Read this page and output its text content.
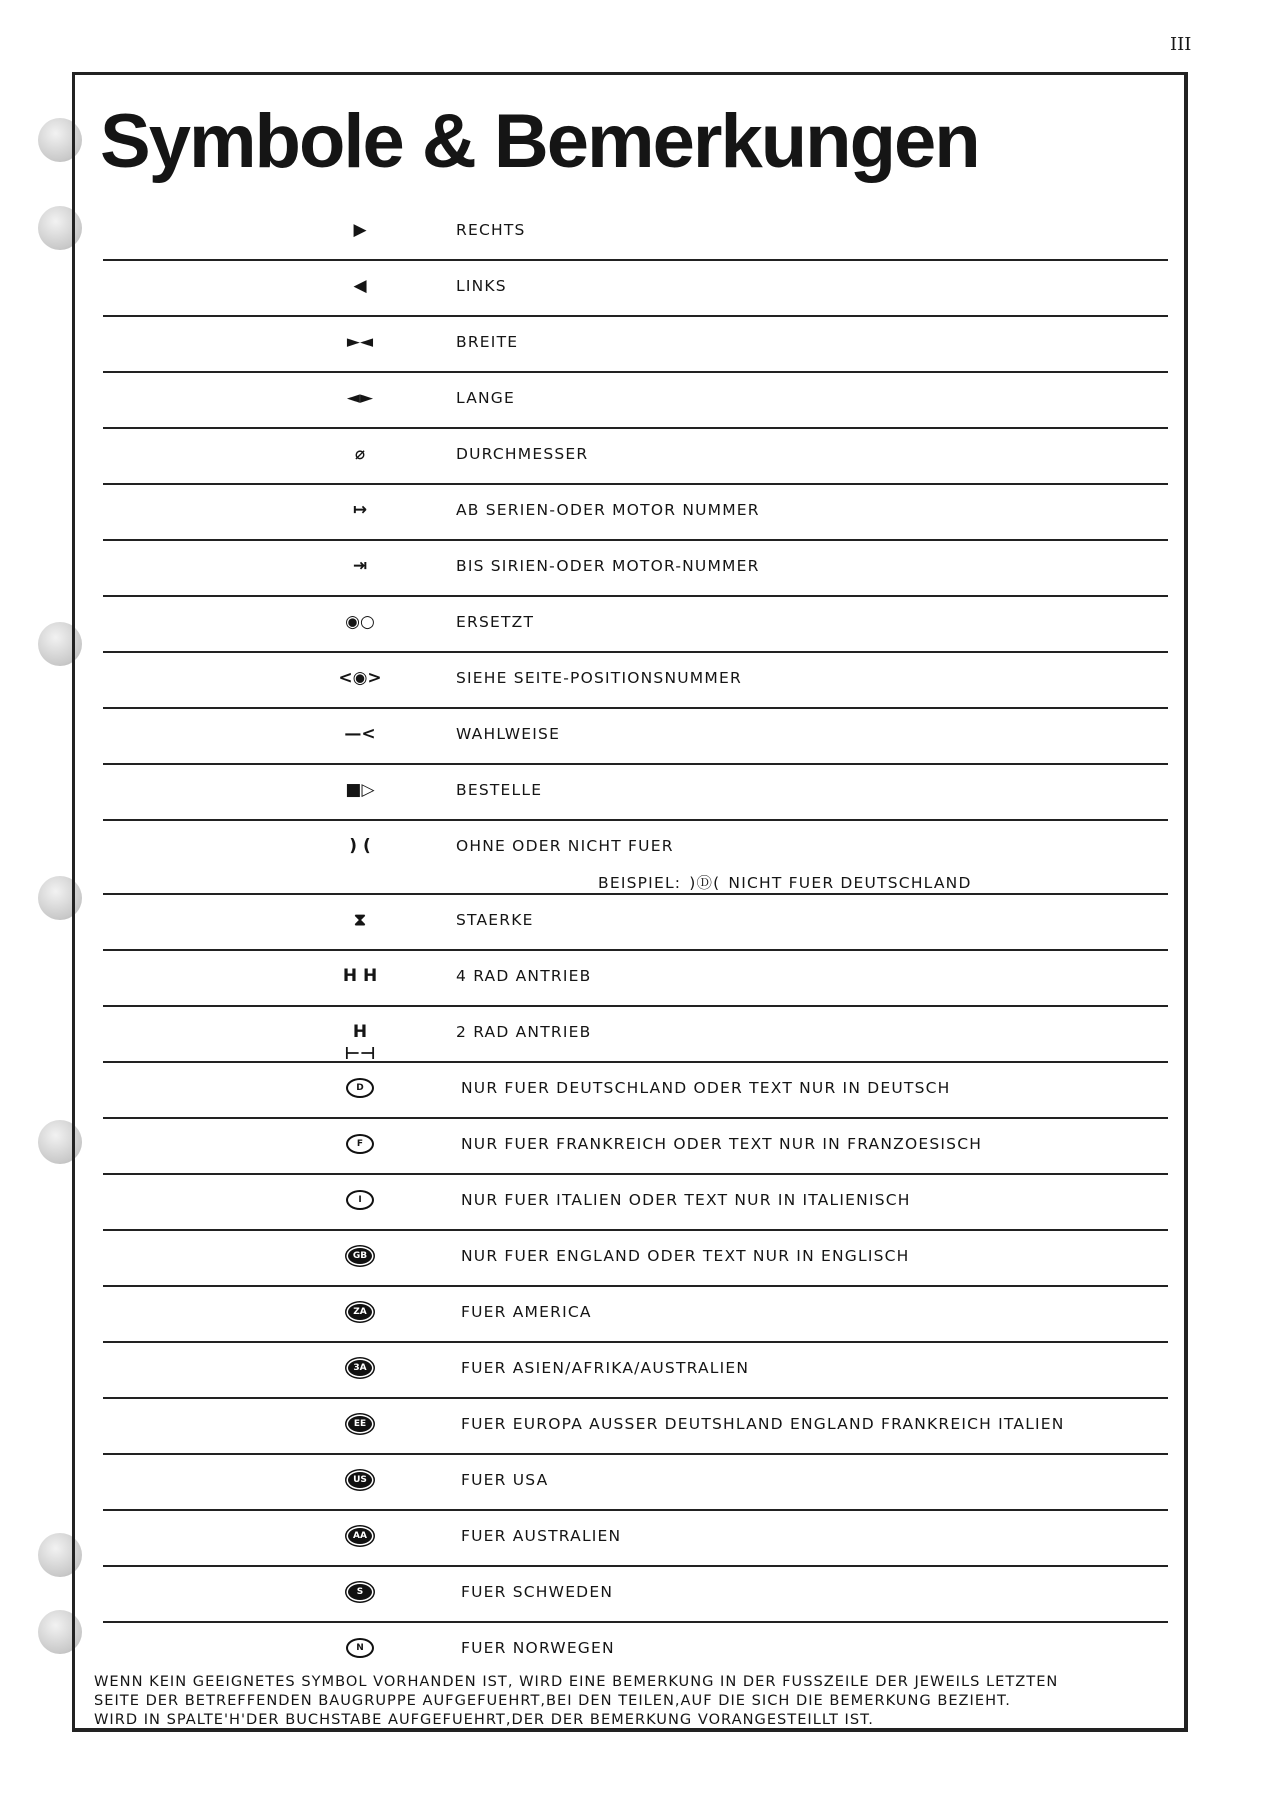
III
Symbole & Bemerkungen
▶	RECHTS
◀	LINKS
►◄	BREITE
◄►	LANGE
⌀	DURCHMESSER
↦	AB SERIEN-ODER MOTOR NUMMER
⇥	BIS SIRIEN-ODER MOTOR-NUMMER
◉○	ERSETZT
<◉>	SIEHE SEITE-POSITIONSNUMMER
—<	WAHLWEISE
■▷	BESTELLE
) (	OHNE ODER NICHT FUER
BEISPIEL: )Ⓓ( NICHT FUER DEUTSCHLAND
⧗	STAERKE
H H	4 RAD ANTRIEB
H ⊢⊣
2 RAD ANTRIEB
D	NUR FUER DEUTSCHLAND ODER TEXT NUR IN DEUTSCH
F	NUR FUER FRANKREICH ODER TEXT NUR IN FRANZOESISCH
I	NUR FUER ITALIEN ODER TEXT NUR IN ITALIENISCH
GB	NUR FUER ENGLAND ODER TEXT NUR IN ENGLISCH
ZA	FUER AMERICA
3A	FUER ASIEN/AFRIKA/AUSTRALIEN
EE	FUER EUROPA AUSSER DEUTSHLAND ENGLAND FRANKREICH ITALIEN
US	FUER USA
AA	FUER AUSTRALIEN
S	FUER SCHWEDEN
N	FUER NORWEGEN
WENN KEIN GEEIGNETES SYMBOL VORHANDEN IST, WIRD EINE BEMERKUNG IN DER FUSSZEILE DER JEWEILS LETZTEN
SEITE DER BETREFFENDEN BAUGRUPPE AUFGEFUEHRT,BEI DEN TEILEN,AUF DIE SICH DIE BEMERKUNG BEZIEHT.
WIRD IN SPALTE'H'DER BUCHSTABE AUFGEFUEHRT,DER DER BEMERKUNG VORANGESTEILLT IST.
